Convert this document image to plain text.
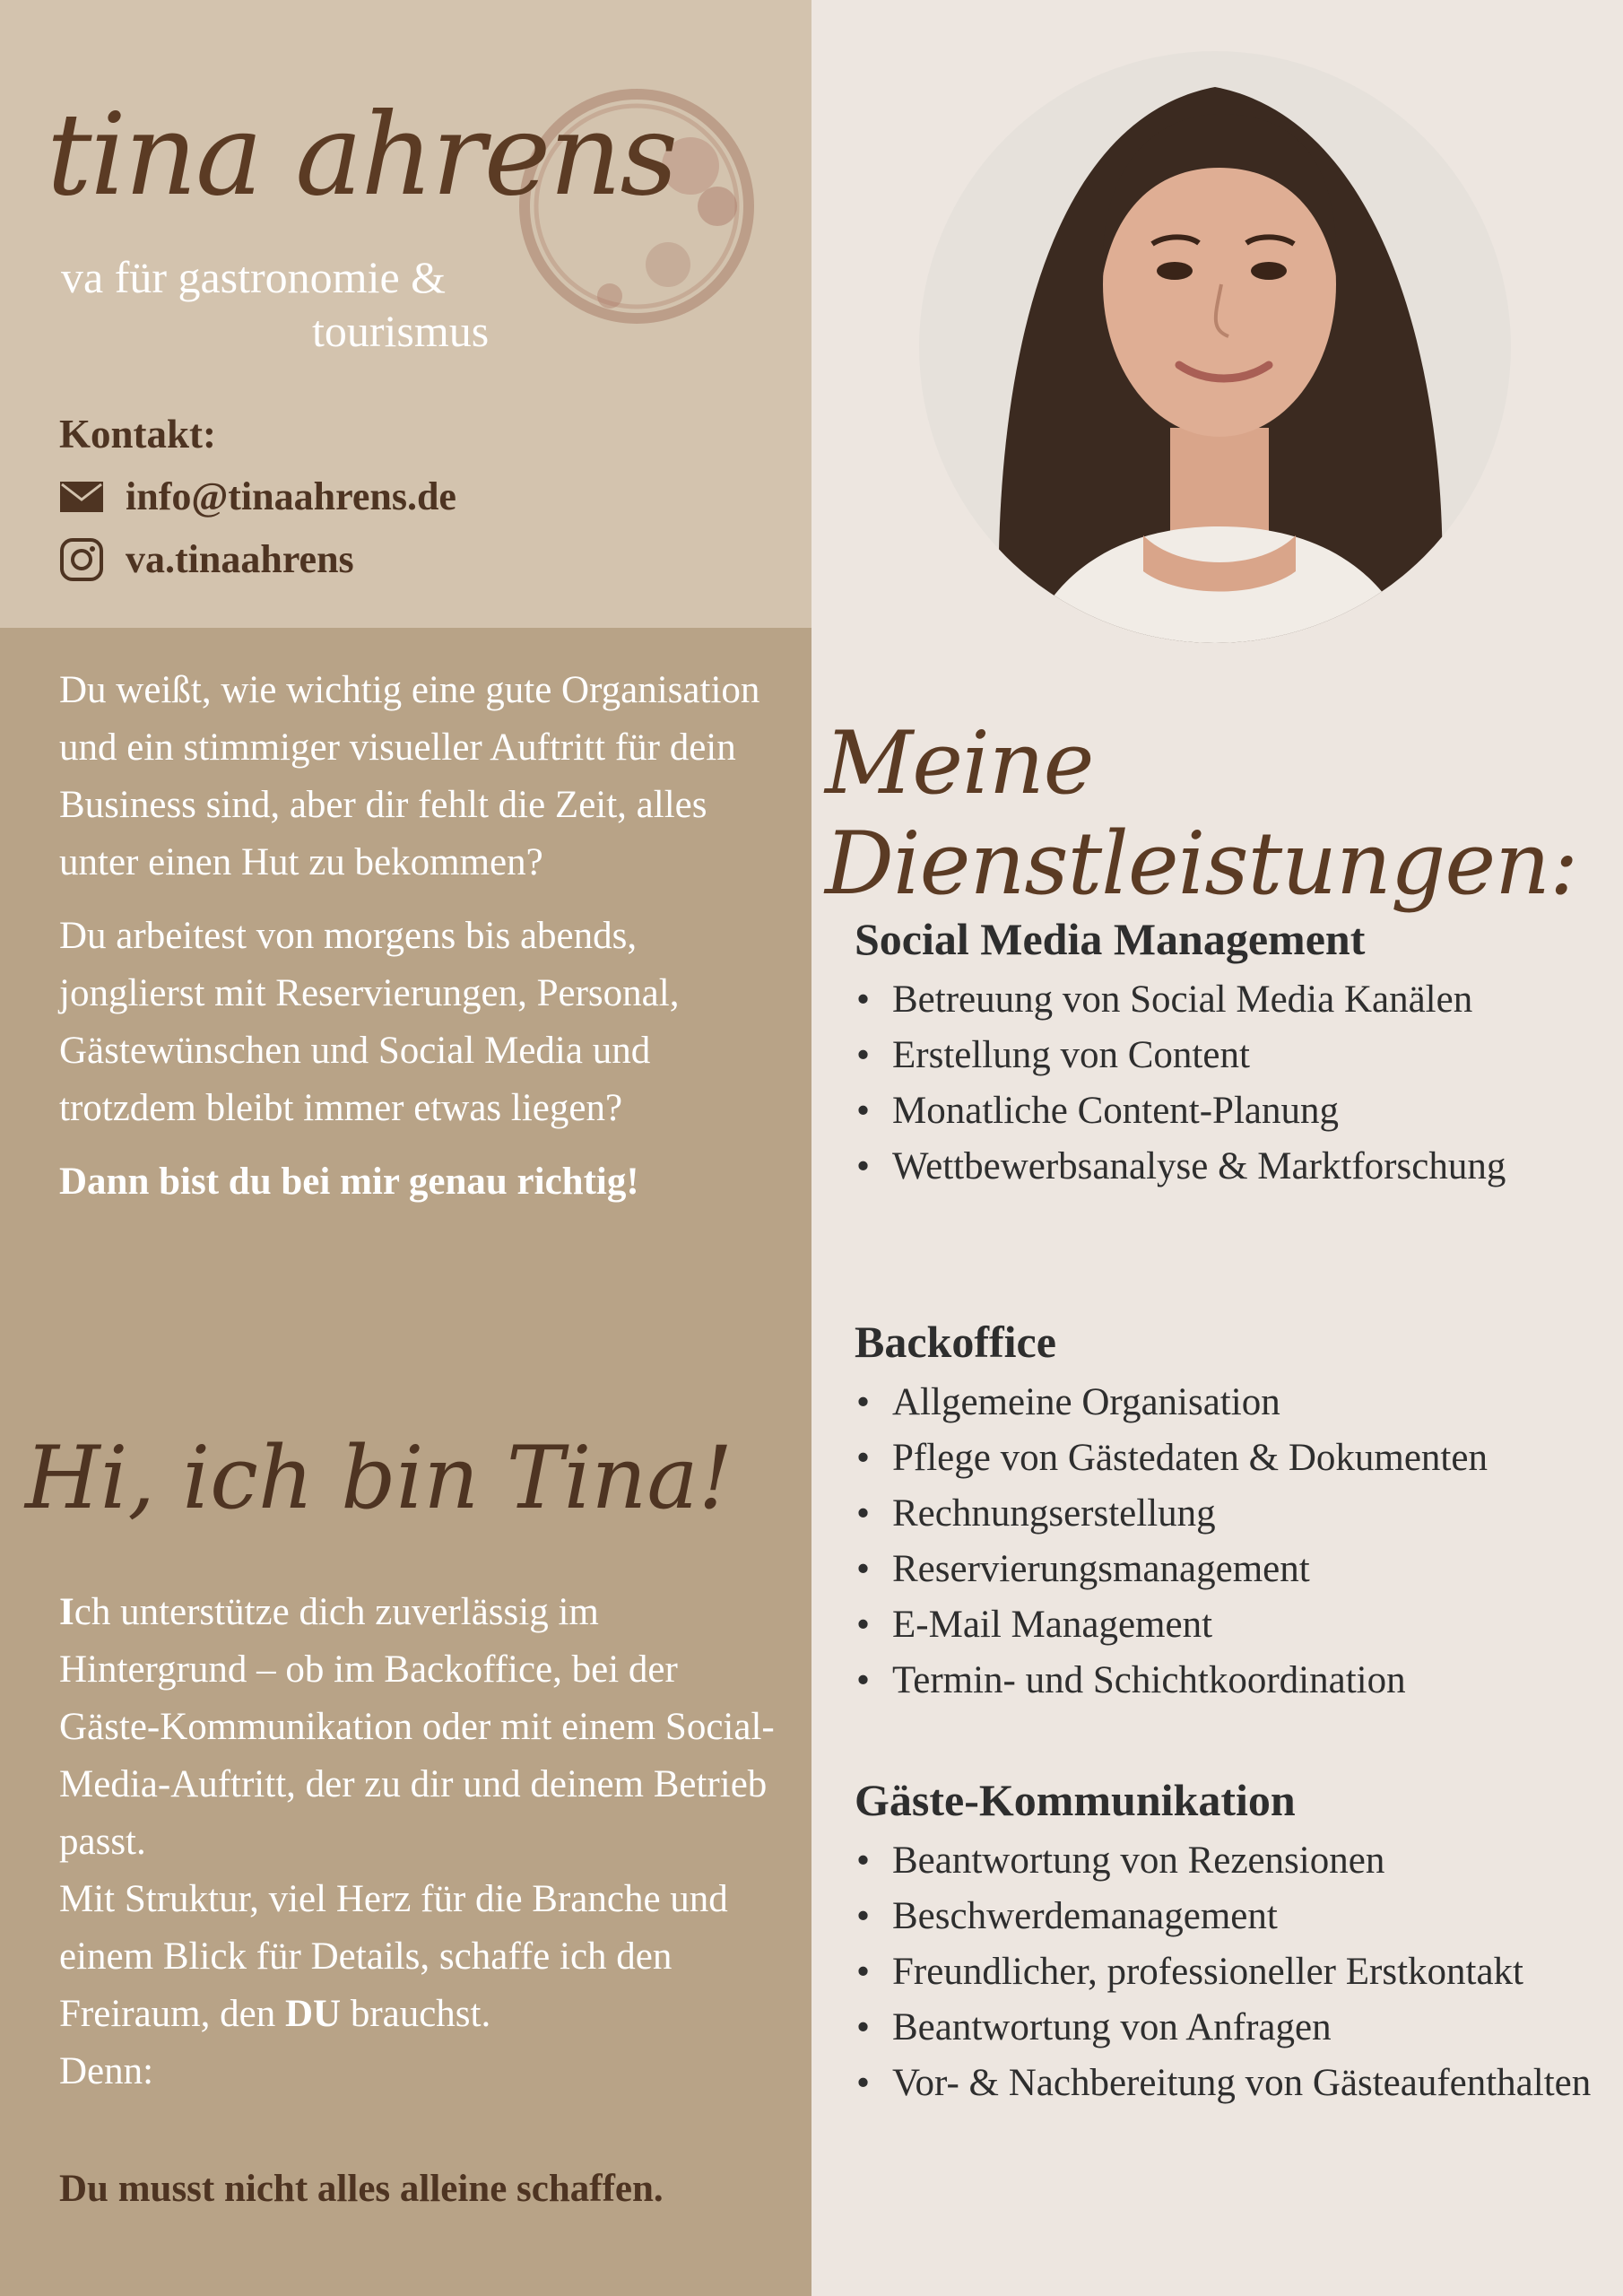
tina ahrens
va für gastronomie &
tourismus
Kontakt:
info@tinaahrens.de
va.tinaahrens

Du weißt, wie wichtig eine gute Organisation und ein stimmiger visueller Auftritt für dein Business sind, aber dir fehlt die Zeit, alles unter einen Hut zu bekommen?

Du arbeitest von morgens bis abends, jonglierst mit Reservierungen, Personal, Gästewünschen und Social Media und trotzdem bleibt immer etwas liegen?

Dann bist du bei mir genau richtig!

Hi, ich bin Tina!

Ich unterstütze dich zuverlässig im Hintergrund – ob im Backoffice, bei der Gäste-Kommunikation oder mit einem Social-Media-Auftritt, der zu dir und deinem Betrieb passt.

Mit Struktur, viel Herz für die Branche und einem Blick für Details, schaffe ich den Freiraum, den DU brauchst.

Denn:

Du musst nicht alles alleine schaffen.
Meine Dienstleistungen:
Social Media Management
• Betreuung von Social Media Kanälen
• Erstellung von Content
• Monatliche Content-Planung
• Wettbewerbsanalyse & Marktforschung
Backoffice
• Allgemeine Organisation
• Pflege von Gästedaten & Dokumenten
• Rechnungserstellung
• Reservierungsmanagement
• E-Mail Management
• Termin- und Schichtkoordination
Gäste-Kommunikation
• Beantwortung von Rezensionen
• Beschwerdemanagement
• Freundlicher, professioneller Erstkontakt
• Beantwortung von Anfragen
• Vor- & Nachbereitung von Gästeaufenthalten
